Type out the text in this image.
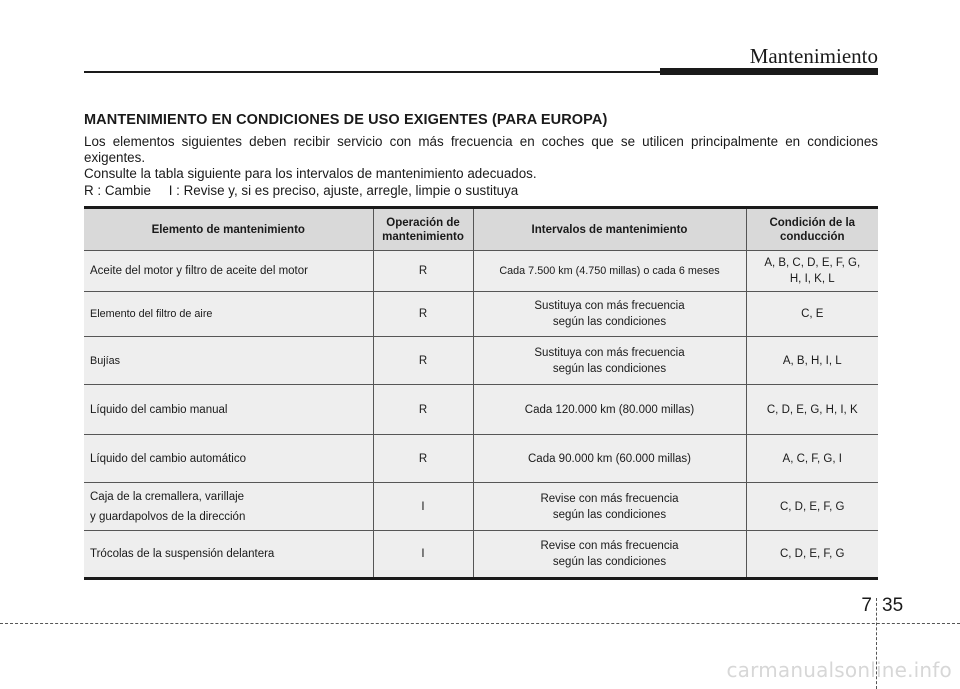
Mantenimiento
MANTENIMIENTO EN CONDICIONES DE USO EXIGENTES (PARA EUROPA)

Los elementos siguientes deben recibir servicio con más frecuencia en coches que se utilicen principalmente en condiciones exigentes.

Consulte la tabla siguiente para los intervalos de mantenimiento adecuados.

R : Cambie I : Revise y, si es preciso, ajuste, arregle, limpie o sustituya
Elemento de mantenimiento	Operación de
mantenimiento	Intervalos de mantenimiento	Condición de la
conducción

Aceite del motor y filtro de aceite del motor	R	Cada 7.500 km (4.750 millas) o cada 6 meses	A, B, C, D, E, F, G,
H, I, K, L

Elemento del filtro de aire	R	Sustituya con más frecuencia
según las condiciones	C, E

Bujías	R	Sustituya con más frecuencia
según las condiciones	A, B, H, I, L

Líquido del cambio manual	R	Cada 120.000 km (80.000 millas)	C, D, E, G, H, I, K

Líquido del cambio automático	R	Cada 90.000 km (60.000 millas)	A, C, F, G, I

Caja de la cremallera, varillaje
y guardapolvos de la dirección	I	Revise con más frecuencia
según las condiciones	C, D, E, F, G

Trócolas de la suspensión delantera	I	Revise con más frecuencia
según las condiciones	C, D, E, F, G
7 35
carmanualsonline.info
